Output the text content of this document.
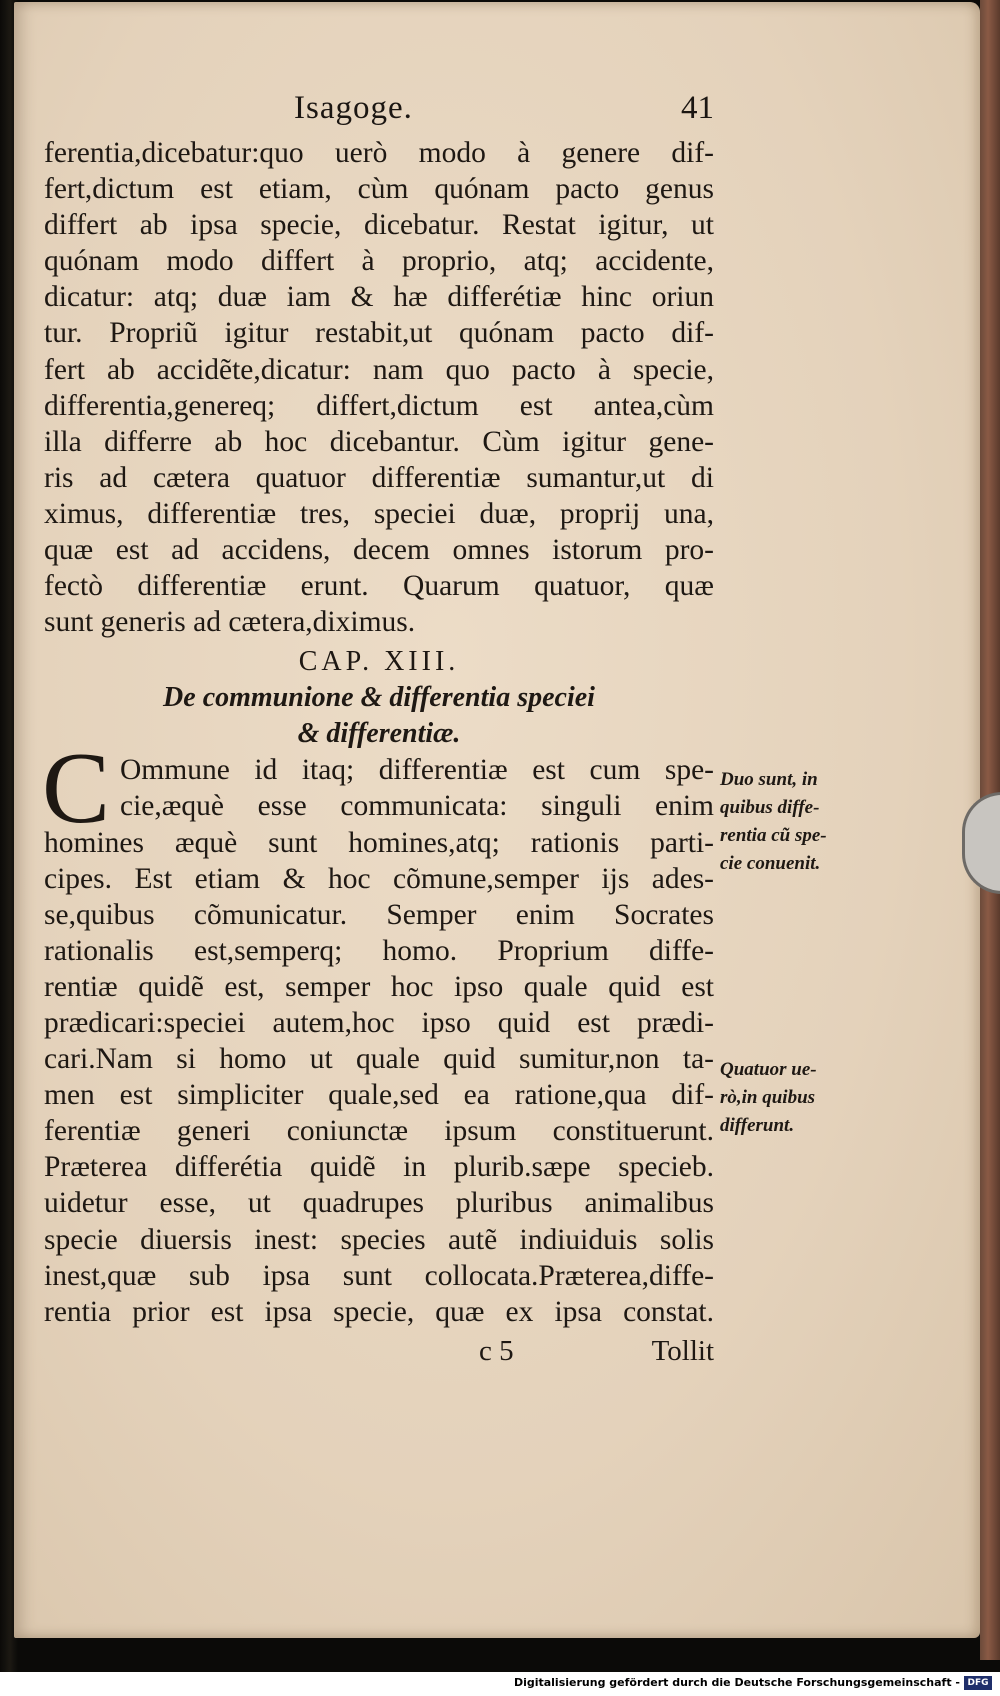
Isagoge.	41
ferentia,dicebatur:quo uerò modo à genere dif-
fert,dictum est etiam, cùm quónam pacto genus
differt ab ipsa specie, dicebatur. Restat igitur, ut
quónam modo differt à proprio, atq; accidente,
dicatur: atq; duæ iam & hæ differétiæ hinc oriun
tur. Propriũ igitur restabit,ut quónam pacto dif-
fert ab accidẽte,dicatur: nam quo pacto à specie,
differentia,genereq; differt,dictum est antea,cùm
illa differre ab hoc dicebantur. Cùm igitur gene-
ris ad cætera quatuor differentiæ sumantur,ut di
ximus, differentiæ tres, speciei duæ, proprij una,
quæ est ad accidens, decem omnes istorum pro-
fectò differentiæ erunt. Quarum quatuor, quæ
sunt generis ad cætera,diximus.
CAP. XIII.
De communione & differentia speciei
& differentiæ.
C Ommune id itaq; differentiæ est cum spe-
cie,æquè esse communicata: singuli enim
homines æquè sunt homines,atq; rationis parti-
cipes. Est etiam & hoc cõmune,semper ijs ades-
se,quibus cõmunicatur. Semper enim Socrates
rationalis est,semperq; homo. Proprium diffe-
rentiæ quidẽ est, semper hoc ipso quale quid est
prædicari:speciei autem,hoc ipso quid est prædi-
cari.Nam si homo ut quale quid sumitur,non ta-
men est simpliciter quale,sed ea ratione,qua dif-
ferentiæ generi coniunctæ ipsum constituerunt.
Præterea differétia quidẽ in plurib.sæpe specieb.
uidetur esse, ut quadrupes pluribus animalibus
specie diuersis inest: species autẽ indiuiduis solis
inest,quæ sub ipsa sunt collocata.Præterea,diffe-
rentia prior est ipsa specie, quæ ex ipsa constat.
c 5	Tollit
Duo sunt, in
quibus diffe-
rentia cũ spe-
cie conuenit.
Quatuor ue-
rò,in quibus
differunt.
Digitalisierung gefördert durch die Deutsche Forschungsgemeinschaft - DFG
